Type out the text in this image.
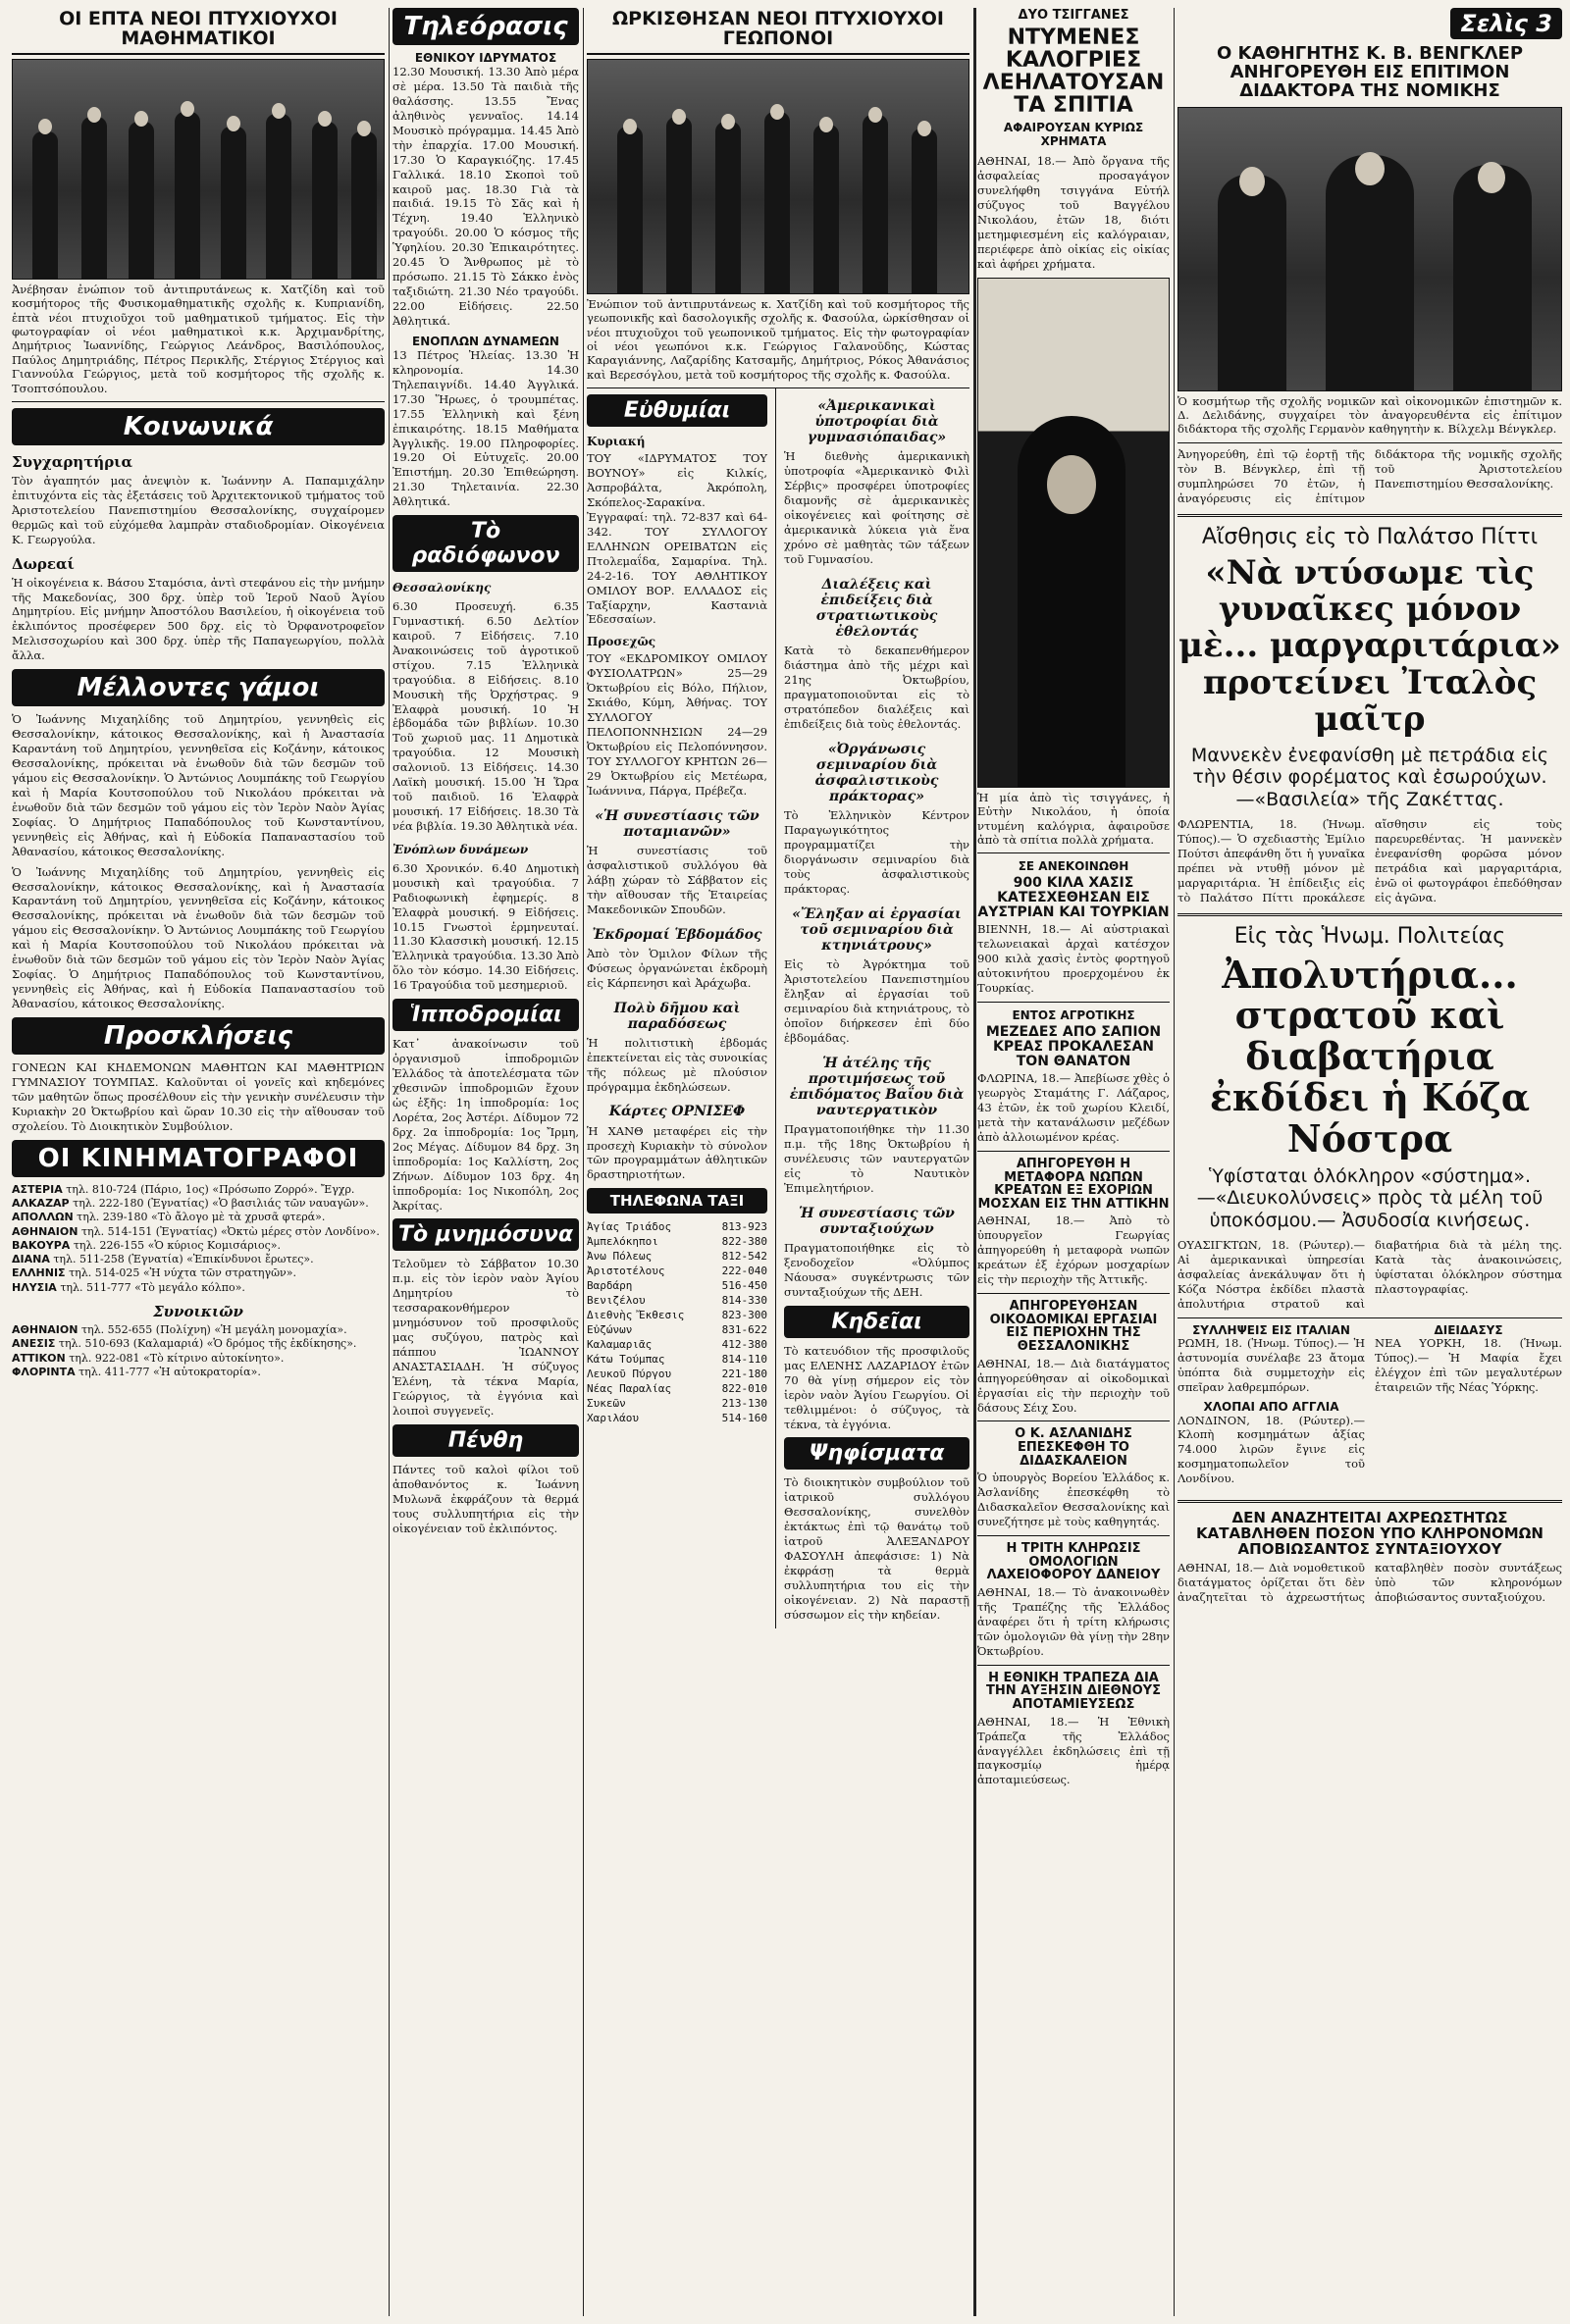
ΟΙ ΕΠΤΑ ΝΕΟΙ ΠΤΥΧΙΟΥΧΟΙ ΜΑΘΗΜΑΤΙΚΟΙ
Ἀνέβησαν ἐνώπιον τοῦ ἀντιπρυτάνεως κ. Χατζίδη καὶ τοῦ κοσμήτορος τῆς Φυσικομαθηματικῆς σχολῆς κ. Κυπριανίδη, ἑπτὰ νέοι πτυχιοῦχοι τοῦ μαθηματικοῦ τμήματος. Εἰς τὴν φωτογραφίαν οἱ νέοι μαθηματικοὶ κ.κ. Ἀρχιμανδρίτης, Δημήτριος Ἰωαννίδης, Γεώργιος Λεάνδρος, Βασιλόπουλος, Παύλος Δημητριάδης, Πέτρος Περικλῆς, Στέργιος Στέργιος καὶ Γιαννούλα Γεώργιος, μετὰ τοῦ κοσμήτορος τῆς σχολῆς κ. Τσοπτσόπουλου.
Κοινωνικά
Συγχαρητήρια
Τὸν ἀγαπητόν μας ἀνεψιὸν κ. Ἰωάννην Α. Παπαμιχάλην ἐπιτυχόντα εἰς τὰς ἐξετάσεις τοῦ Ἀρχιτεκτονικοῦ τμήματος τοῦ Ἀριστοτελείου Πανεπιστημίου Θεσσαλονίκης, συγχαίρομεν θερμῶς καὶ τοῦ εὐχόμεθα λαμπρὰν σταδιοδρομίαν. Οἰκογένεια Κ. Γεωργούλα.
Δωρεαί
Ἡ οἰκογένεια κ. Βάσου Σταμόσια, ἀντὶ στεφάνου εἰς τὴν μνήμην τῆς Μακεδονίας, 300 δρχ. ὑπὲρ τοῦ Ἱεροῦ Ναοῦ Ἁγίου Δημητρίου. Εἰς μνήμην Ἀποστόλου Βασιλείου, ἡ οἰκογένεια τοῦ ἐκλιπόντος προσέφερεν 500 δρχ. εἰς τὸ Ὀρφανοτροφεῖον Μελισσοχωρίου καὶ 300 δρχ. ὑπὲρ τῆς Παπαγεωργίου, πολλὰ ἄλλα.
Μέλλοντες γάμοι
Ὁ Ἰωάννης Μιχαηλίδης τοῦ Δημητρίου, γεννηθεὶς εἰς Θεσσαλονίκην, κάτοικος Θεσσαλονίκης, καὶ ἡ Ἀναστασία Καραντάνη τοῦ Δημητρίου, γεννηθεῖσα εἰς Κοζάνην, κάτοικος Θεσσαλονίκης, πρόκειται νὰ ἑνωθοῦν διὰ τῶν δεσμῶν τοῦ γάμου εἰς Θεσσαλονίκην. Ὁ Ἀντώνιος Λουμπάκης τοῦ Γεωργίου καὶ ἡ Μαρία Κουτσοπούλου τοῦ Νικολάου πρόκειται νὰ ἑνωθοῦν διὰ τῶν δεσμῶν τοῦ γάμου εἰς τὸν Ἱερὸν Ναὸν Ἁγίας Σοφίας. Ὁ Δημήτριος Παπαδόπουλος τοῦ Κωνσταντίνου, γεννηθεὶς εἰς Ἀθήνας, καὶ ἡ Εὐδοκία Παπαναστασίου τοῦ Ἀθανασίου, κάτοικος Θεσσαλονίκης.
Ὁ Ἰωάννης Μιχαηλίδης τοῦ Δημητρίου, γεννηθεὶς εἰς Θεσσαλονίκην, κάτοικος Θεσσαλονίκης, καὶ ἡ Ἀναστασία Καραντάνη τοῦ Δημητρίου, γεννηθεῖσα εἰς Κοζάνην, κάτοικος Θεσσαλονίκης, πρόκειται νὰ ἑνωθοῦν διὰ τῶν δεσμῶν τοῦ γάμου εἰς Θεσσαλονίκην. Ὁ Ἀντώνιος Λουμπάκης τοῦ Γεωργίου καὶ ἡ Μαρία Κουτσοπούλου τοῦ Νικολάου πρόκειται νὰ ἑνωθοῦν διὰ τῶν δεσμῶν τοῦ γάμου εἰς τὸν Ἱερὸν Ναὸν Ἁγίας Σοφίας. Ὁ Δημήτριος Παπαδόπουλος τοῦ Κωνσταντίνου, γεννηθεὶς εἰς Ἀθήνας, καὶ ἡ Εὐδοκία Παπαναστασίου τοῦ Ἀθανασίου, κάτοικος Θεσσαλονίκης.
Προσκλήσεις
ΓΟΝΕΩΝ ΚΑΙ ΚΗΔΕΜΟΝΩΝ ΜΑΘΗΤΩΝ ΚΑΙ ΜΑΘΗΤΡΙΩΝ ΓΥΜΝΑΣΙΟΥ ΤΟΥΜΠΑΣ. Καλοῦνται οἱ γονεῖς καὶ κηδεμόνες τῶν μαθητῶν ὅπως προσέλθουν εἰς τὴν γενικὴν συνέλευσιν τὴν Κυριακὴν 20 Ὀκτωβρίου καὶ ὥραν 10.30 εἰς τὴν αἴθουσαν τοῦ σχολείου. Τὸ Διοικητικὸν Συμβούλιον.
ΟΙ ΚΙΝΗΜΑΤΟΓΡΑΦΟΙ
ΑΣΤΕΡΙΑ τηλ. 810-724 (Πάριο, 1ος) «Πρόσωπο Ζορρό». Ἔγχρ.
ΑΛΚΑΖΑΡ τηλ. 222-180 (Ἐγνατίας) «Ὁ βασιλιάς τῶν ναυαγῶν».
ΑΠΟΛΛΩΝ τηλ. 239-180 «Τὸ ἄλογο μὲ τὰ χρυσᾶ φτερά».
ΑΘΗΝΑΙΟΝ τηλ. 514-151 (Ἐγνατίας) «Ὀκτὼ μέρες στὸν Λονδίνο».
ΒΑΚΟΥΡΑ τηλ. 226-155 «Ὁ κύριος Κομισάριος».
ΔΙΑΝΑ τηλ. 511-258 (Ἐγνατία) «Ἐπικίνδυνοι ἔρωτες».
ΕΛΛΗΝΙΣ τηλ. 514-025 «Ἡ νύχτα τῶν στρατηγῶν».
ΗΛΥΣΙΑ τηλ. 511-777 «Τὸ μεγάλο κόλπο».
Συνοικιῶν
ΑΘΗΝΑΙΟΝ τηλ. 552-655 (Πολίχνη) «Ἡ μεγάλη μονομαχία».
ΑΝΕΣΙΣ τηλ. 510-693 (Καλαμαριά) «Ὁ δρόμος τῆς ἐκδίκησης».
ΑΤΤΙΚΟΝ τηλ. 922-081 «Τὸ κίτρινο αὐτοκίνητο».
ΦΛΟΡΙΝΤΑ τηλ. 411-777 «Ἡ αὐτοκρατορία».
Τηλεόρασις
ΕΘΝΙΚΟΥ ΙΔΡΥΜΑΤΟΣ
12.30 Μουσική. 13.30 Ἀπὸ μέρα σὲ μέρα. 13.50 Τὰ παιδιὰ τῆς θαλάσσης. 13.55 Ἔνας ἀληθινὸς γενναῖος. 14.14 Μουσικὸ πρόγραμμα. 14.45 Ἀπὸ τὴν ἐπαρχία. 17.00 Μουσική. 17.30 Ὁ Καραγκιόζης. 17.45 Γαλλικά. 18.10 Σκοποὶ τοῦ καιροῦ μας. 18.30 Γιὰ τὰ παιδιά. 19.15 Τὸ Σᾶς καὶ ἡ Τέχνη. 19.40 Ἑλληνικὸ τραγούδι. 20.00 Ὁ κόσμος τῆς Ὑφηλίου. 20.30 Ἐπικαιρότητες. 20.45 Ὁ Ἄνθρωπος μὲ τὸ πρόσωπο. 21.15 Τὸ Σάκκο ἐνὸς ταξιδιώτη. 21.30 Νέο τραγούδι. 22.00 Εἰδήσεις. 22.50 Ἀθλητικά.
ΕΝΟΠΛΩΝ ΔΥΝΑΜΕΩΝ
13 Πέτρος Ἠλείας. 13.30 Ἡ κληρονομία. 14.30 Τηλεπαιγνίδι. 14.40 Ἀγγλικά. 17.30 Ἥρωες, ὁ τρουμπέτας. 17.55 Ἑλληνικὴ καὶ ξένη ἐπικαιρότης. 18.15 Μαθήματα Ἀγγλικῆς. 19.00 Πληροφορίες. 19.20 Οἰ Εὐτυχεῖς. 20.00 Ἐπιστήμη. 20.30 Ἐπιθεώρηση. 21.30 Τηλεταινία. 22.30 Ἀθλητικά.
Τὸ ραδιόφωνον
Θεσσαλονίκης
6.30 Προσευχή. 6.35 Γυμναστική. 6.50 Δελτίον καιροῦ. 7 Εἰδήσεις. 7.10 Ἀνακοινώσεις τοῦ ἀγροτικοῦ στίχου. 7.15 Ἑλληνικὰ τραγούδια. 8 Εἰδήσεις. 8.10 Μουσικὴ τῆς Ὀρχήστρας. 9 Ἐλαφρὰ μουσική. 10 Ἡ ἑβδομάδα τῶν βιβλίων. 10.30 Τοῦ χωριοῦ μας. 11 Δημοτικὰ τραγούδια. 12 Μουσικὴ σαλονιοῦ. 13 Εἰδήσεις. 14.30 Λαϊκὴ μουσική. 15.00 Ἡ Ὥρα τοῦ παιδιοῦ. 16 Ἐλαφρὰ μουσική. 17 Εἰδήσεις. 18.30 Τὰ νέα βιβλία. 19.30 Ἀθλητικὰ νέα.
Ἐνόπλων δυνάμεων
6.30 Χρονικόν. 6.40 Δημοτικὴ μουσικὴ καὶ τραγούδια. 7 Ραδιοφωνικὴ ἐφημερίς. 8 Ἐλαφρὰ μουσική. 9 Εἰδήσεις. 10.15 Γνωστοὶ ἑρμηνευταί. 11.30 Κλασσικὴ μουσική. 12.15 Ἐλληνικὰ τραγούδια. 13.30 Ἀπὸ ὅλο τὸν κόσμο. 14.30 Εἰδήσεις. 16 Τραγούδια τοῦ μεσημεριοῦ.
Ἱπποδρομίαι
Κατ᾽ ἀνακοίνωσιν τοῦ ὀργανισμοῦ ἱπποδρομιῶν Ἑλλάδος τὰ ἀποτελέσματα τῶν χθεσινῶν ἱπποδρομιῶν ἔχουν ὡς ἑξῆς: 1η ἱπποδρομία: 1ος Λορέτα, 2ος Ἀστέρι. Δίδυμον 72 δρχ. 2α ἱπποδρομία: 1ος Ἴρμη, 2ος Μέγας. Δίδυμον 84 δρχ. 3η ἱπποδρομία: 1ος Καλλίστη, 2ος Ζήνων. Δίδυμον 103 δρχ. 4η ἱπποδρομία: 1ος Νικοπόλη, 2ος Ἀκρίτας.
Τὸ μνημόσυνα
Τελοῦμεν τὸ Σάββατον 10.30 π.μ. εἰς τὸν ἱερὸν ναὸν Ἁγίου Δημητρίου τὸ τεσσαρακονθήμερον μνημόσυνον τοῦ προσφιλοῦς μας συζύγου, πατρὸς καὶ πάππου ἸΩΑΝΝΟΥ ΑΝΑΣΤΑΣΙΑΔΗ. Ἡ σύζυγος Ἑλένη, τὰ τέκνα Μαρία, Γεώργιος, τὰ ἐγγόνια καὶ λοιποὶ συγγενεῖς.
Πένθη
Πάντες τοῦ καλοὶ φίλοι τοῦ ἀποθανόντος κ. Ἰωάννη Μυλωνᾶ ἐκφράζουν τὰ θερμά τους συλλυπητήρια εἰς τὴν οἰκογένειαν τοῦ ἐκλιπόντος.
ΩΡΚΙΣΘΗΣΑΝ ΝΕΟΙ ΠΤΥΧΙΟΥΧΟΙ ΓΕΩΠΟΝΟΙ
Ἐνώπιον τοῦ ἀντιπρυτάνεως κ. Χατζίδη καὶ τοῦ κοσμήτορος τῆς γεωπονικῆς καὶ δασολογικῆς σχολῆς κ. Φασούλα, ὡρκίσθησαν οἱ νέοι πτυχιοῦχοι τοῦ γεωπονικοῦ τμήματος. Εἰς τὴν φωτογραφίαν οἱ νέοι γεωπόνοι κ.κ. Γεώργιος Γαλανοῦδης, Κώστας Καραγιάννης, Λαζαρίδης Κατσαμῆς, Δημήτριος, Ρόκος Ἀθανάσιος καὶ Βερεσόγλου, μετὰ τοῦ κοσμήτορος τῆς σχολῆς κ. Φασούλα.
Εὐθυμίαι
Κυριακή
ΤΟΥ «ΙΔΡΥΜΑΤΟΣ ΤΟΥ ΒΟΥΝΟΥ» εἰς Κιλκίς, Ἀσπροβάλτα, Ἀκρόπολη, Σκόπελος-Σαρακίνα. Ἐγγραφαί: τηλ. 72-837 καὶ 64-342. ΤΟΥ ΣΥΛΛΟΓΟΥ ΕΛΛΗΝΩΝ ΟΡΕΙΒΑΤΩΝ εἰς Πτολεμαΐδα, Σαμαρίνα. Τηλ. 24-2-16. ΤΟΥ ΑΘΛΗΤΙΚΟΥ ΟΜΙΛΟΥ ΒΟΡ. ΕΛΛΑΔΟΣ εἰς Ταξίαρχην, Καστανιὰ Ἐδεσσαίων.
Προσεχῶς
ΤΟΥ «ΕΚΔΡΟΜΙΚΟΥ ΟΜΙΛΟΥ ΦΥΣΙΟΛΑΤΡΩΝ» 25—29 Ὀκτωβρίου εἰς Βόλο, Πήλιον, Σκιάθο, Κύμη, Ἀθήνας. ΤΟΥ ΣΥΛΛΟΓΟΥ ΠΕΛΟΠΟΝΝΗΣΙΩΝ 24—29 Ὀκτωβρίου εἰς Πελοπόννησον. ΤΟΥ ΣΥΛΛΟΓΟΥ ΚΡΗΤΩΝ 26—29 Ὀκτωβρίου εἰς Μετέωρα, Ἰωάννινα, Πάργα, Πρέβεζα.
«Ἡ συνεστίασις τῶν ποταμιανῶν»
Ἡ συνεστίασις τοῦ ἀσφαλιστικοῦ συλλόγου θὰ λάβῃ χώραν τὸ Σάββατον εἰς τὴν αἴθουσαν τῆς Ἑταιρείας Μακεδονικῶν Σπουδῶν.
Ἐκδρομαί Ἑβδομάδος
Ἀπὸ τὸν Ὁμιλον Φίλων τῆς Φύσεως ὀργανώνεται ἐκδρομὴ εἰς Κάρπενησι καὶ Ἀράχωβα.
Πολὺ δῆμου καὶ παραδόσεως
Ἡ πολιτιστικὴ ἑβδομάς ἐπεκτείνεται εἰς τὰς συνοικίας τῆς πόλεως μὲ πλούσιον πρόγραμμα ἐκδηλώσεων.
Κάρτες ΟΡΝΙΣΕΦ
Ἡ ΧΑΝΘ μεταφέρει εἰς τὴν προσεχὴ Κυριακὴν τὸ σύνολον τῶν προγραμμάτων ἀθλητικῶν δραστηριοτήτων.
ΤΗΛΕΦΩΝΑ ΤΑΞΙ
Ἀγίας Τριάδος	813-923
Ἀμπελόκηποι	822-380
Ἀνω Πόλεως	812-542
Ἀριστοτέλους	222-040
Βαρδάρη	516-450
Βενιζέλου	814-330
Διεθνὴς Ἔκθεσις	823-300
Εὐζώνων	831-622
Καλαμαριᾶς	412-380
Κάτω Τούμπας	814-110
Λευκοῦ Πύργου	221-180
Νέας Παραλίας	822-010
Συκεῶν	213-130
Χαριλάου	514-160
«Ἀμερικανικαὶ ὑποτροφίαι διὰ γυμνασιόπαιδας»
Ἡ διεθνὴς ἀμερικανικὴ ὑποτροφία «Ἀμερικανικὸ Φιλὶ Σέρβις» προσφέρει ὑποτροφίες διαμονῆς σὲ ἀμερικανικὲς οἰκογένειες καὶ φοίτησης σὲ ἀμερικανικὰ λύκεια γιὰ ἕνα χρόνο σὲ μαθητὰς τῶν τάξεων τοῦ Γυμνασίου.
Διαλέξεις καὶ ἐπιδείξεις διὰ στρατιωτικοὺς ἐθελοντάς
Κατὰ τὸ δεκαπενθήμερον διάστημα ἀπὸ τῆς μέχρι καὶ 21ης Ὀκτωβρίου, πραγματοποιοῦνται εἰς τὸ στρατόπεδον διαλέξεις καὶ ἐπιδείξεις διὰ τοὺς ἐθελοντάς.
«Ὀργάνωσις σεμιναρίου διὰ ἀσφαλιστικοὺς πράκτορας»
Τὸ Ἑλληνικὸν Κέντρον Παραγωγικότητος προγραμματίζει τὴν διοργάνωσιν σεμιναρίου διὰ τοὺς ἀσφαλιστικοὺς πράκτορας.
«Ἔληξαν αἱ ἐργασίαι τοῦ σεμιναρίου διὰ κτηνιάτρους»
Εἰς τὸ Ἀγρόκτημα τοῦ Ἀριστοτελείου Πανεπιστημίου ἔληξαν αἱ ἐργασίαι τοῦ σεμιναρίου διὰ κτηνιάτρους, τὸ ὁποῖον διήρκεσεν ἐπὶ δύο ἑβδομάδας.
Ἡ ἀτέλης τῆς προτιμήσεως τοῦ ἐπιδόματος Βαΐου διὰ ναυτεργατικὸν
Πραγματοποιήθηκε τὴν 11.30 π.μ. τῆς 18ης Ὀκτωβρίου ἡ συνέλευσις τῶν ναυτεργατῶν εἰς τὸ Ναυτικὸν Ἐπιμελητήριον.
Ἡ συνεστίασις τῶν συνταξιούχων
Πραγματοποιήθηκε εἰς τὸ ξενοδοχεῖον «Ὀλύμπος Νάουσα» συγκέντρωσις τῶν συνταξιούχων τῆς ΔΕΗ.
Κηδεῖαι
Τὸ κατευόδιον τῆς προσφιλοῦς μας ΕΛΕΝΗΣ ΛΑΖΑΡΙΔΟΥ ἐτῶν 70 θὰ γίνῃ σήμερον εἰς τὸν ἱερὸν ναὸν Ἁγίου Γεωργίου. Οἱ τεθλιμμένοι: ὁ σύζυγος, τὰ τέκνα, τὰ ἐγγόνια.
Ψηφίσματα
Τὸ διοικητικὸν συμβούλιον τοῦ ἰατρικοῦ συλλόγου Θεσσαλονίκης, συνελθὸν ἐκτάκτως ἐπὶ τῷ θανάτῳ τοῦ ἰατροῦ ἈΛΕΞΑΝΔΡΟΥ ΦΑΣΟΥΛΗ ἀπεφάσισε: 1) Νὰ ἐκφράσῃ τὰ θερμὰ συλλυπητήρια του εἰς τὴν οἰκογένειαν. 2) Νὰ παραστῇ σύσσωμον εἰς τὴν κηδείαν.
ΔΥΟ ΤΣΙΓΓΑΝΕΣ
ΝΤΥΜΕΝΕΣ ΚΑΛΟΓΡΙΕΣ ΛΕΗΛΑΤΟΥΣΑΝ ΤΑ ΣΠΙΤΙΑ
ΑΦΑΙΡΟΥΣΑΝ ΚΥΡΙΩΣ ΧΡΗΜΑΤΑ
ΑΘΗΝΑΙ, 18.— Ἀπὸ ὄργανα τῆς ἀσφαλείας προσαγάγον συνελήφθη τσιγγάνα Εὐτήλ σύζυγος τοῦ Βαγγέλου Νικολάου, ἐτῶν 18, διότι μετημφιεσμένη εἰς καλόγραιαν, περιέφερε ἀπὸ οἰκίας εἰς οἰκίας καὶ ἀφήρει χρήματα.
Ἡ μία ἀπὸ τὶς τσιγγάνες, ἡ Εὐτὴν Νικολάου, ἡ ὁποία ντυμένη καλόγρια, ἀφαιροῦσε ἀπὸ τὰ σπίτια πολλὰ χρήματα.
ΣΕ ΑΝΕΚΟΙΝΩΘΗ
900 ΚΙΛΑ ΧΑΣΙΣ ΚΑΤΕΣΧΕΘΗΣΑΝ ΕΙΣ ΑΥΣΤΡΙΑΝ ΚΑΙ ΤΟΥΡΚΙΑΝ
ΒΙΕΝΝΗ, 18.— Αἱ αὐστριακαὶ τελωνειακαὶ ἀρχαὶ κατέσχον 900 κιλὰ χασὶς ἐντὸς φορτηγοῦ αὐτοκινήτου προερχομένου ἐκ Τουρκίας.
ΕΝΤΟΣ ΑΓΡΟΤΙΚΗΣ
ΜΕΖΕΔΕΣ ΑΠΟ ΣΑΠΙΟΝ ΚΡΕΑΣ ΠΡΟΚΑΛΕΣΑΝ ΤΟΝ ΘΑΝΑΤΟΝ
ΦΛΩΡΙΝΑ, 18.— Ἀπεβίωσε χθὲς ὁ γεωργὸς Σταμάτης Γ. Λάζαρος, 43 ἐτῶν, ἐκ τοῦ χωρίου Κλειδί, μετὰ τὴν κατανάλωσιν μεζέδων ἀπὸ ἀλλοιωμένον κρέας.
ΑΠΗΓΟΡΕΥΘΗ Η ΜΕΤΑΦΟΡΑ ΝΩΠΩΝ ΚΡΕΑΤΩΝ ΕΞ ΕΧΟΡΙΩΝ ΜΟΣΧΑΝ ΕΙΣ ΤΗΝ ΑΤΤΙΚΗΝ
ΑΘΗΝΑΙ, 18.— Ἀπὸ τὸ ὑπουργεῖον Γεωργίας ἀπηγορεύθη ἡ μεταφορὰ νωπῶν κρεάτων ἐξ ἐχόρων μοσχαρίων εἰς τὴν περιοχὴν τῆς Ἀττικῆς.
ΑΠΗΓΟΡΕΥΘΗΣΑΝ ΟΙΚΟΔΟΜΙΚΑΙ ΕΡΓΑΣΙΑΙ ΕΙΣ ΠΕΡΙΟΧΗΝ ΤΗΣ ΘΕΣΣΑΛΟΝΙΚΗΣ
ΑΘΗΝΑΙ, 18.— Διὰ διατάγματος ἀπηγορεύθησαν αἱ οἰκοδομικαὶ ἐργασίαι εἰς τὴν περιοχὴν τοῦ δάσους Σέιχ Σου.
Ο Κ. ΑΣΛΑΝΙΔΗΣ ΕΠΕΣΚΕΦΘΗ ΤΟ ΔΙΔΑΣΚΑΛΕΙΟΝ
Ὁ ὑπουργὸς Βορείου Ἑλλάδος κ. Ἀσλανίδης ἐπεσκέφθη τὸ Διδασκαλεῖον Θεσσαλονίκης καὶ συνεζήτησε μὲ τοὺς καθηγητάς.
Η ΤΡΙΤΗ ΚΛΗΡΩΣΙΣ ΟΜΟΛΟΓΙΩΝ ΛΑΧΕΙΟΦΟΡΟΥ ΔΑΝΕΙΟΥ
ΑΘΗΝΑΙ, 18.— Τὸ ἀνακοινωθὲν τῆς Τραπέζης τῆς Ἑλλάδος ἀναφέρει ὅτι ἡ τρίτη κλήρωσις τῶν ὁμολογιῶν θὰ γίνῃ τὴν 28ην Ὀκτωβρίου.
Η ΕΘΝΙΚΗ ΤΡΑΠΕΖΑ ΔΙΑ ΤΗΝ ΑΥΞΗΣΙΝ ΔΙΕΘΝΟΥΣ ΑΠΟΤΑΜΙΕΥΣΕΩΣ
ΑΘΗΝΑΙ, 18.— Ἡ Ἐθνικὴ Τράπεζα τῆς Ἑλλάδος ἀναγγέλλει ἐκδηλώσεις ἐπὶ τῇ παγκοσμίῳ ἡμέρᾳ ἀποταμιεύσεως.
Σελὶς 3
Ο ΚΑΘΗΓΗΤΗΣ Κ. Β. ΒΕΝΓΚΛΕΡ ΑΝΗΓΟΡΕΥΘΗ ΕΙΣ ΕΠΙΤΙΜΟΝ ΔΙΔΑΚΤΟΡΑ ΤΗΣ ΝΟΜΙΚΗΣ
Ὁ κοσμήτωρ τῆς σχολῆς νομικῶν καὶ οἰκονομικῶν ἐπιστημῶν κ. Δ. Δελιδάνης, συγχαίρει τὸν ἀναγορευθέντα εἰς ἐπίτιμον διδάκτορα τῆς σχολῆς Γερμανὸν καθηγητὴν κ. Βίλχελμ Βένγκλερ.
Ἀνηγορεύθη, ἐπὶ τῷ ἑορτῇ τῆς τὸν Β. Βένγκλερ, ἐπὶ τῇ συμπληρώσει 70 ἐτῶν, ἡ ἀναγόρευσις εἰς ἐπίτιμον διδάκτορα τῆς νομικῆς σχολῆς τοῦ Ἀριστοτελείου Πανεπιστημίου Θεσσαλονίκης.
Αἴσθησις εἰς τὸ Παλάτσο Πίττι
«Νὰ ντύσωμε τὶς γυναῖκες μόνον μὲ... μαργαριτάρια» προτείνει Ἰταλὸς μαῖτρ
Μαννεκὲν ἐνεφανίσθη μὲ πετράδια εἰς τὴν θέσιν φορέματος καὶ ἐσωρούχων.—«Βασιλεία» τῆς Ζακέττας.
ΦΛΩΡΕΝΤΙΑ, 18. (Ἡνωμ. Τύπος).— Ὁ σχεδιαστὴς Ἐμίλιο Πούτσι ἀπεφάνθη ὅτι ἡ γυναῖκα πρέπει νὰ ντυθῇ μόνον μὲ μαργαριτάρια. Ἡ ἐπίδειξις εἰς τὸ Παλάτσο Πίττι προκάλεσε αἴσθησιν εἰς τοὺς παρευρεθέντας. Ἡ μαννεκὲν ἐνεφανίσθη φορῶσα μόνον πετράδια καὶ μαργαριτάρια, ἐνῶ οἱ φωτογράφοι ἐπεδόθησαν εἰς ἀγῶνα.
Εἰς τὰς Ἡνωμ. Πολιτείας
Ἀπολυτήρια... στρατοῦ καὶ διαβατήρια ἐκδίδει ἡ Κόζα Νόστρα
Ὑφίσταται ὁλόκληρον «σύστημα».—«Διευκολύνσεις» πρὸς τὰ μέλη τοῦ ὑποκόσμου.— Ἀσυδοσία κινήσεως.
ΟΥΑΣΙΓΚΤΩΝ, 18. (Ρώυτερ).— Αἱ ἀμερικανικαὶ ὑπηρεσίαι ἀσφαλείας ἀνεκάλυψαν ὅτι ἡ Κόζα Νόστρα ἐκδίδει πλαστὰ ἀπολυτήρια στρατοῦ καὶ διαβατήρια διὰ τὰ μέλη της. Κατὰ τὰς ἀνακοινώσεις, ὑφίσταται ὁλόκληρον σύστημα πλαστογραφίας.
ΣΥΛΛΗΨΕΙΣ ΕΙΣ ΙΤΑΛΙΑΝ
ΡΩΜΗ, 18. (Ἡνωμ. Τύπος).— Ἡ ἀστυνομία συνέλαβε 23 ἄτομα ὑπόπτα διὰ συμμετοχὴν εἰς σπεῖραν λαθρεμπόρων.
ΧΛΟΠΑΙ ΑΠΟ ΑΓΓΛΙΑ
ΛΟΝΔΙΝΟΝ, 18. (Ρώυτερ).— Κλοπὴ κοσμημάτων ἀξίας 74.000 λιρῶν ἔγινε εἰς κοσμηματοπωλεῖον τοῦ Λονδίνου.
ΔΙΕΙΔΑΣΥΣ
ΝΕΑ ΥΟΡΚΗ, 18. (Ἡνωμ. Τύπος).— Ἡ Μαφία ἔχει ἐλέγχον ἐπὶ τῶν μεγαλυτέρων ἑταιρειῶν τῆς Νέας Ὑόρκης.
ΔΕΝ ΑΝΑΖΗΤΕΙΤΑΙ ΑΧΡΕΩΣΤΗΤΩΣ ΚΑΤΑΒΛΗΘΕΝ ΠΟΣΟΝ ΥΠΟ ΚΛΗΡΟΝΟΜΩΝ ΑΠΟΒΙΩΣΑΝΤΟΣ ΣΥΝΤΑΞΙΟΥΧΟΥ
ΑΘΗΝΑΙ, 18.— Διὰ νομοθετικοῦ διατάγματος ὁρίζεται ὅτι δὲν ἀναζητεῖται τὸ ἀχρεωστήτως καταβληθὲν ποσὸν συντάξεως ὑπὸ τῶν κληρονόμων ἀποβιώσαντος συνταξιούχου.
